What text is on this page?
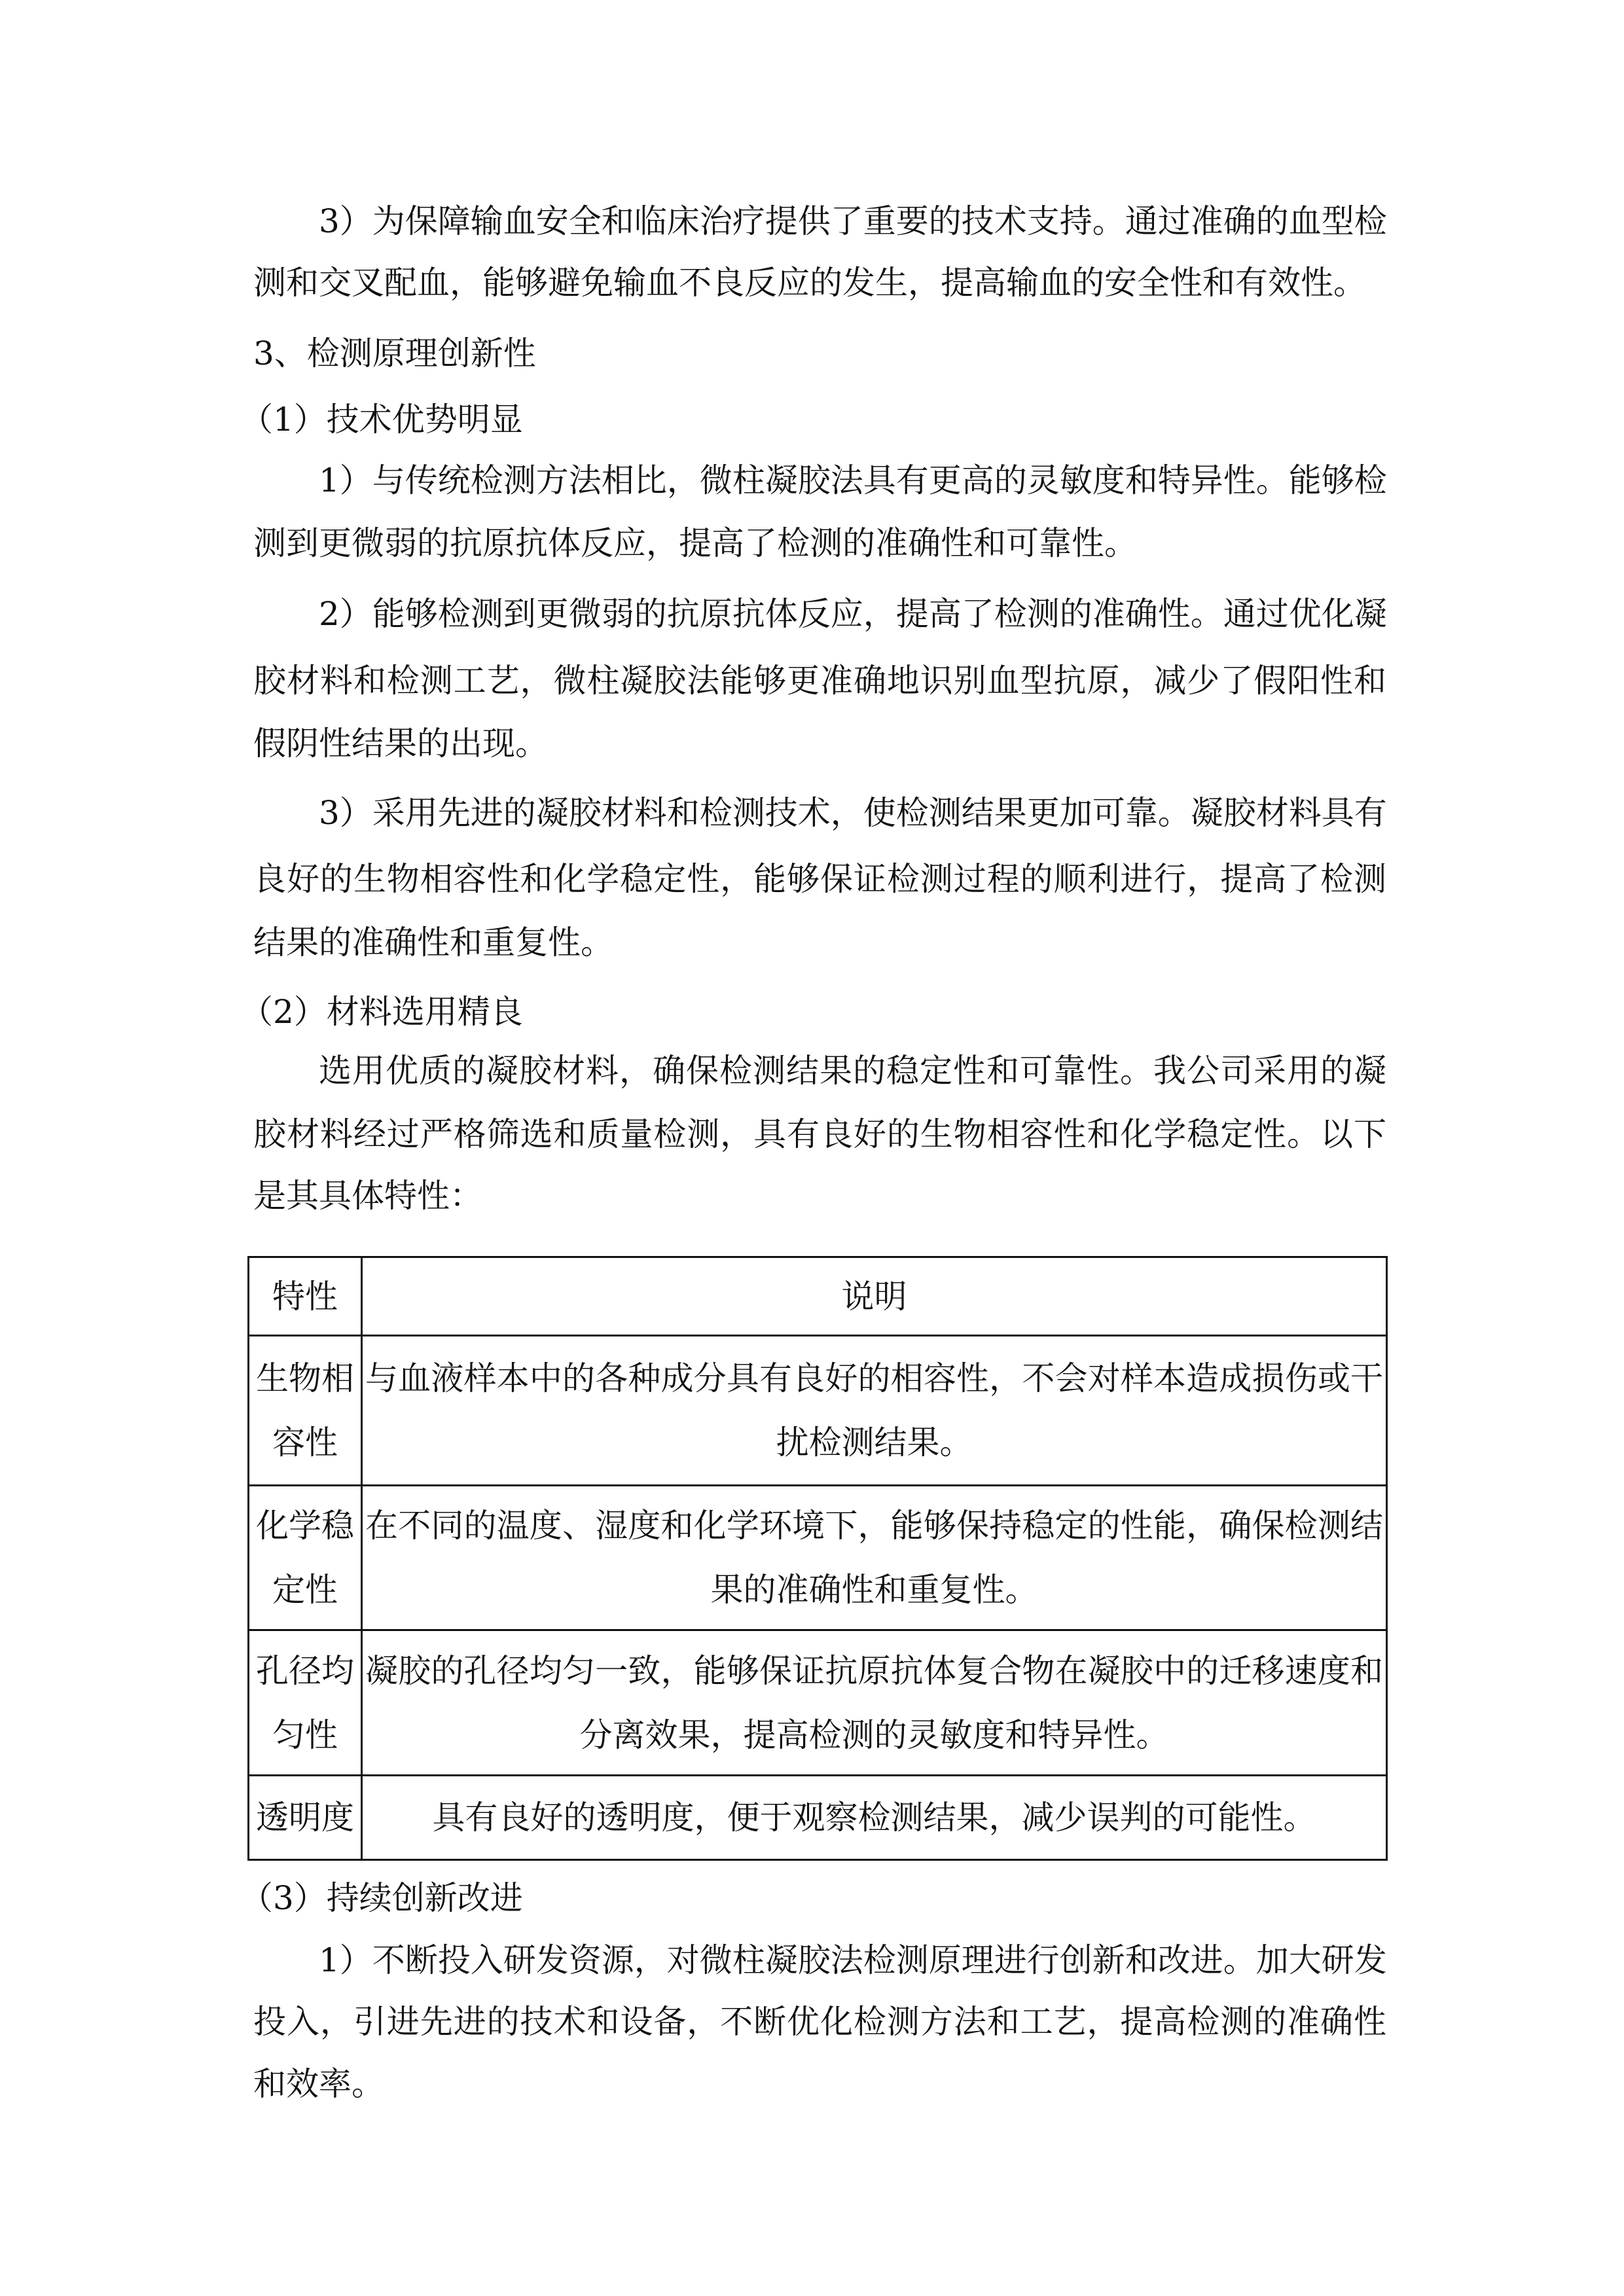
3）为保障输血安全和临床治疗提供了重要的技术支持。通过准确的血型检
测和交叉配血，能够避免输血不良反应的发生，提高输血的安全性和有效性。
3、检测原理创新性
（1）技术优势明显
1）与传统检测方法相比，微柱凝胶法具有更高的灵敏度和特异性。能够检
测到更微弱的抗原抗体反应，提高了检测的准确性和可靠性。
2）能够检测到更微弱的抗原抗体反应，提高了检测的准确性。通过优化凝
胶材料和检测工艺，微柱凝胶法能够更准确地识别血型抗原，减少了假阳性和
假阴性结果的出现。
3）采用先进的凝胶材料和检测技术，使检测结果更加可靠。凝胶材料具有
良好的生物相容性和化学稳定性，能够保证检测过程的顺利进行，提高了检测
结果的准确性和重复性。
（2）材料选用精良
选用优质的凝胶材料，确保检测结果的稳定性和可靠性。我公司采用的凝
胶材料经过严格筛选和质量检测，具有良好的生物相容性和化学稳定性。以下
是其具体特性：
特性	说明
生物相
容性	与血液样本中的各种成分具有良好的相容性，不会对样本造成损伤或干
扰检测结果。

化学稳
定性	在不同的温度、湿度和化学环境下，能够保持稳定的性能，确保检测结
果的准确性和重复性。

孔径均
匀性	凝胶的孔径均匀一致，能够保证抗原抗体复合物在凝胶中的迁移速度和
分离效果，提高检测的灵敏度和特异性。

透明度	具有良好的透明度，便于观察检测结果，减少误判的可能性。
（3）持续创新改进
1）不断投入研发资源，对微柱凝胶法检测原理进行创新和改进。加大研发
投入，引进先进的技术和设备，不断优化检测方法和工艺，提高检测的准确性
和效率。
